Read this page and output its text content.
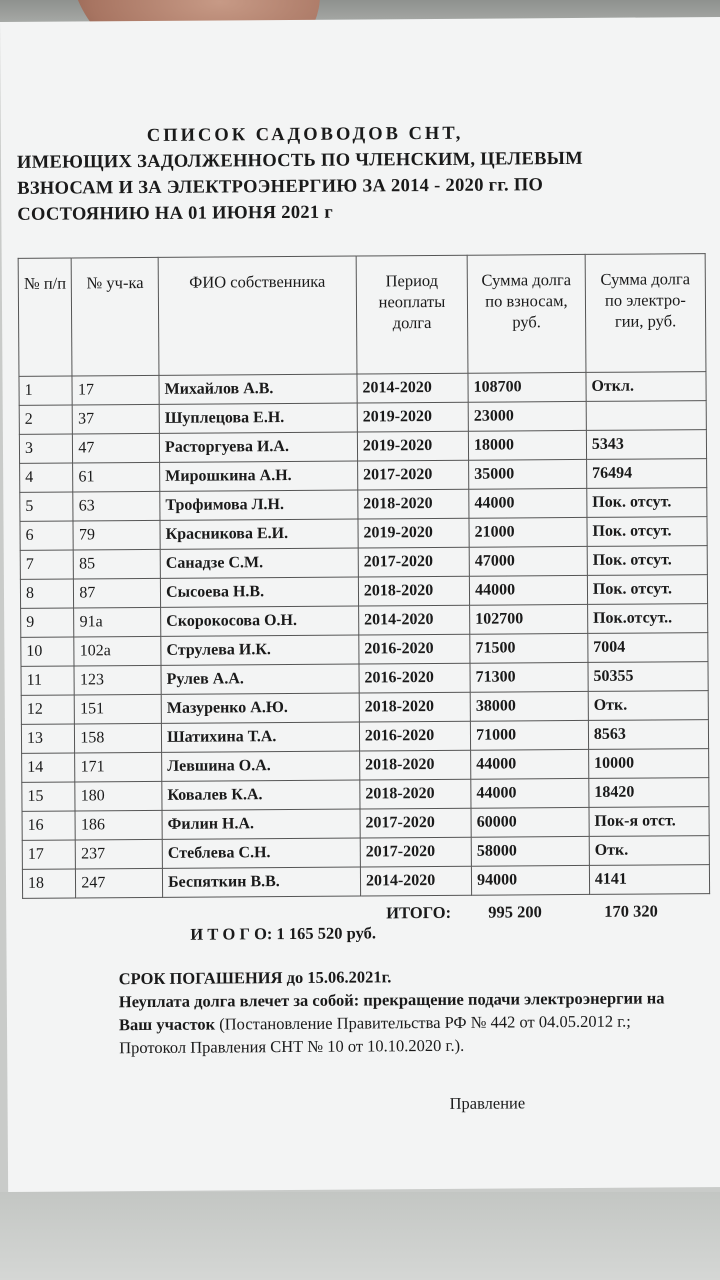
СПИСОК САДОВОДОВ СНТ,
ИМЕЮЩИХ ЗАДОЛЖЕННОСТЬ ПО ЧЛЕНСКИМ, ЦЕЛЕВЫМ
ВЗНОСАМ И ЗА ЭЛЕКТРОЭНЕРГИЮ ЗА 2014 - 2020 гг. ПО
СОСТОЯНИЮ НА 01 ИЮНЯ 2021 г
№ п/п	№ уч-ка	ФИО собственника	Период неоплаты долга	Сумма долга по взносам, руб.	Сумма долга по электро-гии, руб.
1	17	Михайлов А.В.	2014-2020	108700	Откл.
2	37	Шуплецова Е.Н.	2019-2020	23000	
3	47	Расторгуева И.А.	2019-2020	18000	5343
4	61	Мирошкина А.Н.	2017-2020	35000	76494
5	63	Трофимова Л.Н.	2018-2020	44000	Пок. отсут.
6	79	Красникова Е.И.	2019-2020	21000	Пок. отсут.
7	85	Санадзе С.М.	2017-2020	47000	Пок. отсут.
8	87	Сысоева Н.В.	2018-2020	44000	Пок. отсут.
9	91а	Скорокосова О.Н.	2014-2020	102700	Пок.отсут..
10	102а	Струлева И.К.	2016-2020	71500	7004
11	123	Рулев А.А.	2016-2020	71300	50355
12	151	Мазуренко А.Ю.	2018-2020	38000	Отк.
13	158	Шатихина Т.А.	2016-2020	71000	8563
14	171	Левшина О.А.	2018-2020	44000	10000
15	180	Ковалев К.А.	2018-2020	44000	18420
16	186	Филин Н.А.	2017-2020	60000	Пок-я отст.
17	237	Стеблева С.Н.	2017-2020	58000	Отк.
18	247	Беспяткин В.В.	2014-2020	94000	4141
ИТОГО: 995 200	170 320
И Т О Г О: 1 165 520 руб.
СРОК ПОГАШЕНИЯ до 15.06.2021г.
Неуплата долга влечет за собой: прекращение подачи электроэнергии на Ваш участок (Постановление Правительства РФ № 442 от 04.05.2012 г.; Протокол Правления СНТ № 10 от 10.10.2020 г.).
Правление
